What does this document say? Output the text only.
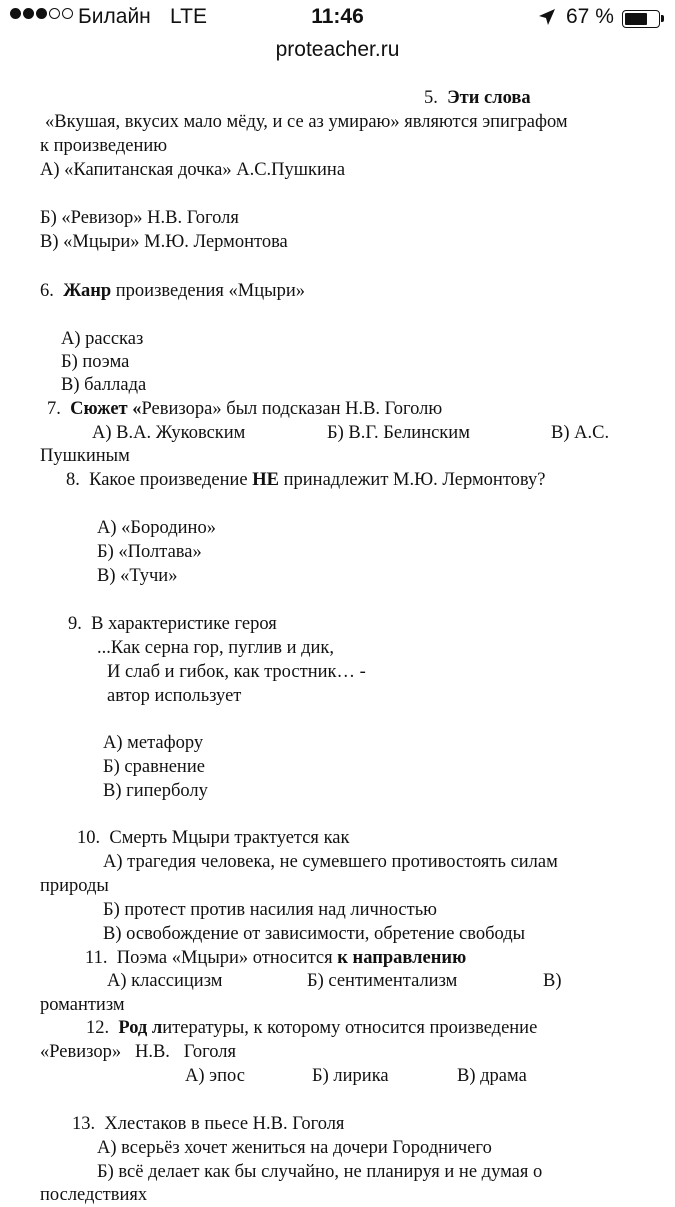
Билайн LTE	11:46	67 %
proteacher.ru
5. Эти слова
«Вкушая, вкусих мало мёду, и се аз умираю» являются эпиграфом
к произведению
А) «Капитанская дочка» А.С.Пушкина
Б) «Ревизор» Н.В. Гоголя
В) «Мцыри» М.Ю. Лермонтова
6. Жанр произведения «Мцыри»
А) рассказ
Б) поэма
В) баллада
7. Сюжет «Ревизора» был подсказан Н.В. Гоголю
А) В.А. Жуковским	Б) В.Г. Белинским	В) А.С.
Пушкиным
8. Какое произведение НЕ принадлежит М.Ю. Лермонтову?
А) «Бородино»
Б) «Полтава»
В) «Тучи»
9. В характеристике героя
...Как серна гор, пуглив и дик,
И слаб и гибок, как тростник… -
автор использует
А) метафору
Б) сравнение
В) гиперболу
10. Смерть Мцыри трактуется как
А) трагедия человека, не сумевшего противостоять силам
природы
Б) протест против насилия над личностью
В) освобождение от зависимости, обретение свободы
11. Поэма «Мцыри» относится к направлению
А) классицизм	Б) сентиментализм	В)
романтизм
12. Род литературы, к которому относится произведение
«Ревизор»   Н.В.   Гоголя
А) эпос	Б) лирика	В) драма
13. Хлестаков в пьесе Н.В. Гоголя
А) всерьёз хочет жениться на дочери Городничего
Б) всё делает как бы случайно, не планируя и не думая о
последствиях
